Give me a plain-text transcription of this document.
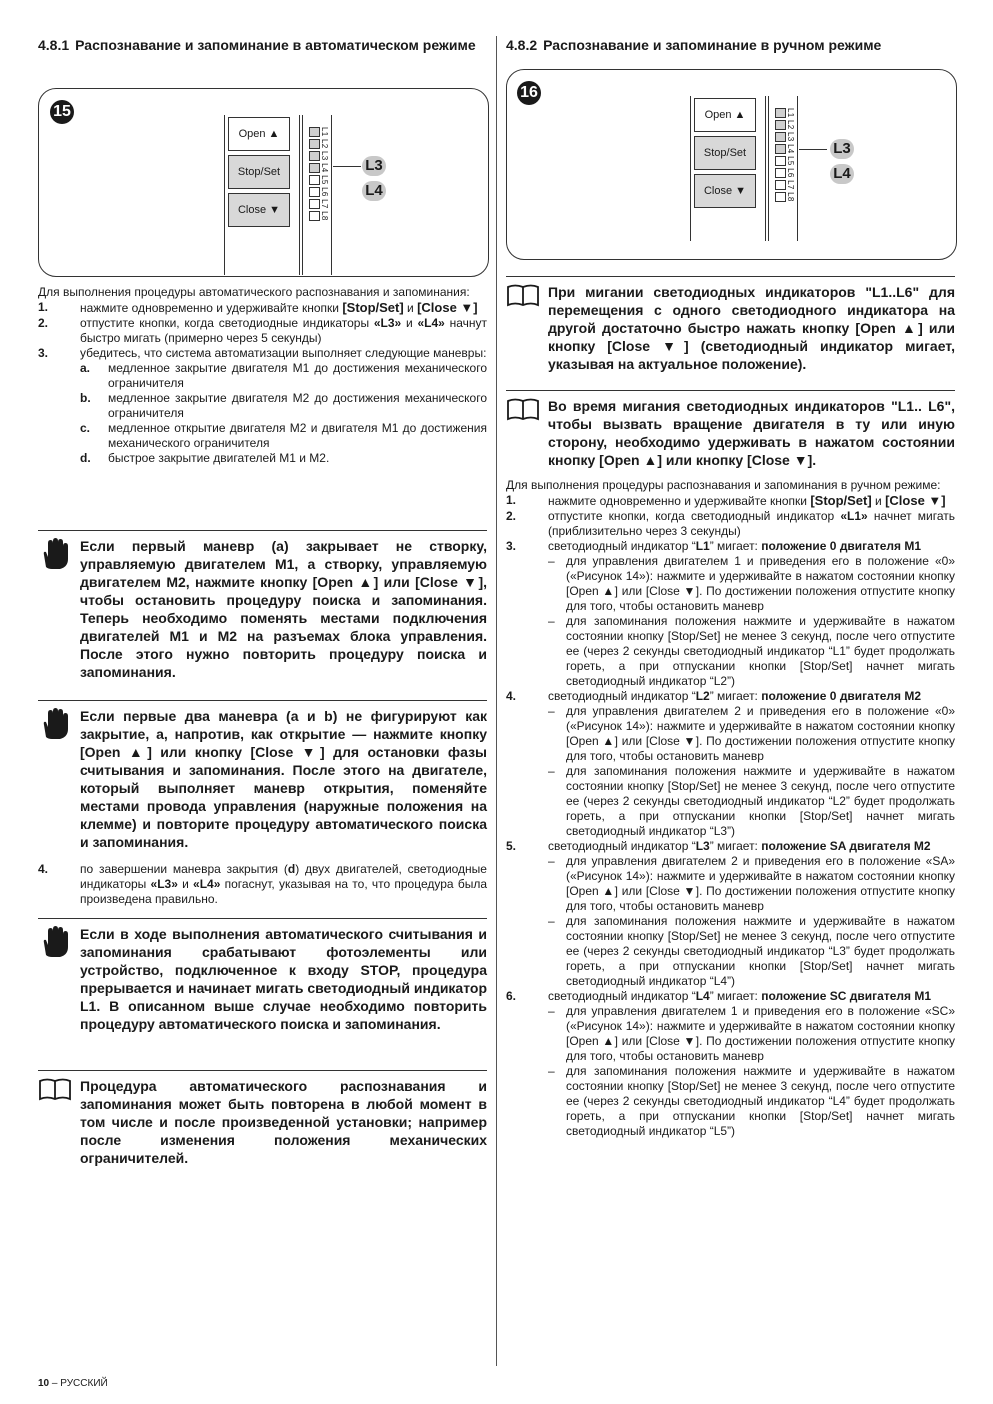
4.8.1 Распознавание и запоминание в автоматическом режиме
15
Open ▲
Stop/Set
Close ▼	L1 L2 L3 L4 L5 L6 L7 L8 L3
L4

Для выполнения процедуры автоматического распознавания и запоминания:

1.	нажмите одновременно и удерживайте кнопки [Stop/Set] и [Close ▼]
2.	отпустите кнопки, когда светодиодные индикаторы «L3» и «L4» начнут быстро мигать (примерно через 5 секунды)
3.	убедитесь, что система автоматизации выполняет следующие маневры:
a.	медленное закрытие двигателя M1 до достижения механического ограничителя
b.	медленное закрытие двигателя M2 до достижения механического ограничителя
c.	медленное открытие двигателя M2 и двигателя M1 до достижения механического ограничителя
d.	быстрое закрытие двигателей M1 и M2.
Если первый маневр (a) закрывает не створку, управляемую двигателем M1, а створку, управляемую двигателем M2, нажмите кнопку [Open ▲] или [Close ▼], чтобы остановить процедуру поиска и запоминания. Теперь необходимо поменять местами подключения двигателей M1 и M2 на разъемах блока управления. После этого нужно повторить процедуру поиска и запоминания.
Если первые два маневра (a и b) не фигурируют как закрытие, а, напротив, как открытие — нажмите кнопку [Open ▲] или кнопку [Close ▼] для остановки фазы считывания и запоминания. После этого на двигателе, который выполняет маневр открытия, поменяйте местами провода управления (наружные положения на клемме) и повторите процедуру автоматического поиска и запоминания.
4.	по завершении маневра закрытия (d) двух двигателей, светодиодные индикаторы «L3» и «L4» погаснут, указывая на то, что процедура была произведена правильно.
Если в ходе выполнения автоматического считывания и запоминания срабатывают фотоэлементы или устройство, подключенное к входу STOP, процедура прерывается и начинает мигать светодиодный индикатор L1. В описанном выше случае необходимо повторить процедуру автоматического поиска и запоминания.
Процедура автоматического распознавания и запоминания может быть повторена в любой момент в том числе и после произведенной установки; например после изменения положения механических ограничителей.
4.8.2 Распознавание и запоминание в ручном режиме
16
Open ▲
Stop/Set
Close ▼	L1 L2 L3 L4 L5 L6 L7 L8	L3
L4
При мигании светодиодных индикаторов "L1..L6" для перемещения с одного светодиодного индикатора на другой достаточно быстро нажать кнопку [Open ▲] или кнопку [Close ▼] (светодиодный индикатор мигает, указывая на актуальное положение).
Во время мигания светодиодных индикаторов "L1.. L6", чтобы вызвать вращение двигателя в ту или иную сторону, необходимо удерживать в нажатом состоянии кнопку [Open ▲] или кнопку [Close ▼].

Для выполнения процедуры распознавания и запоминания в ручном режиме:

1.	нажмите одновременно и удерживайте кнопки [Stop/Set] и [Close ▼]
2.	отпустите кнопки, когда светодиодный индикатор «L1» начнет мигать (приблизительно через 3 секунды)
3.	светодиодный индикатор “L1” мигает: положение 0 двигателя M1
– для управления двигателем 1 и приведения его в положение «0» («Рисунок 14»): нажмите и удерживайте в нажатом состоянии кнопку [Open ▲] или [Close ▼]. По достижении положения отпустите кнопку для того, чтобы остановить маневр
– для запоминания положения нажмите и удерживайте в нажатом состоянии кнопку [Stop/Set] не менее 3 секунд, после чего отпустите ее (через 2 секунды светодиодный индикатор “L1” будет продолжать гореть, а при отпускании кнопки [Stop/Set] начнет мигать светодиодный индикатор “L2”)
4.	светодиодный индикатор “L2” мигает: положение 0 двигателя M2
– для управления двигателем 2 и приведения его в положение «0» («Рисунок 14»): нажмите и удерживайте в нажатом состоянии кнопку [Open ▲] или [Close ▼]. По достижении положения отпустите кнопку для того, чтобы остановить маневр
– для запоминания положения нажмите и удерживайте в нажатом состоянии кнопку [Stop/Set] не менее 3 секунд, после чего отпустите ее (через 2 секунды светодиодный индикатор “L2” будет продолжать гореть, а при отпускании кнопки [Stop/Set] начнет мигать светодиодный индикатор “L3”)
5.	светодиодный индикатор “L3” мигает: положение SA двигателя M2
– для управления двигателем 2 и приведения его в положение «SA» («Рисунок 14»): нажмите и удерживайте в нажатом состоянии кнопку [Open ▲] или [Close ▼]. По достижении положения отпустите кнопку для того, чтобы остановить маневр
– для запоминания положения нажмите и удерживайте в нажатом состоянии кнопку [Stop/Set] не менее 3 секунд, после чего отпустите ее (через 2 секунды светодиодный индикатор “L3” будет продолжать гореть, а при отпускании кнопки [Stop/Set] начнет мигать светодиодный индикатор “L4”)
6.	светодиодный индикатор “L4” мигает: положение SC двигателя M1
– для управления двигателем 1 и приведения его в положение «SC» («Рисунок 14»): нажмите и удерживайте в нажатом состоянии кнопку [Open ▲] или [Close ▼]. По достижении положения отпустите кнопку для того, чтобы остановить маневр
– для запоминания положения нажмите и удерживайте в нажатом состоянии кнопку [Stop/Set] не менее 3 секунд, после чего отпустите ее (через 2 секунды светодиодный индикатор “L4” будет продолжать гореть, а при отпускании кнопки [Stop/Set] начнет мигать светодиодный индикатор “L5”)
10 – РУССКИЙ
